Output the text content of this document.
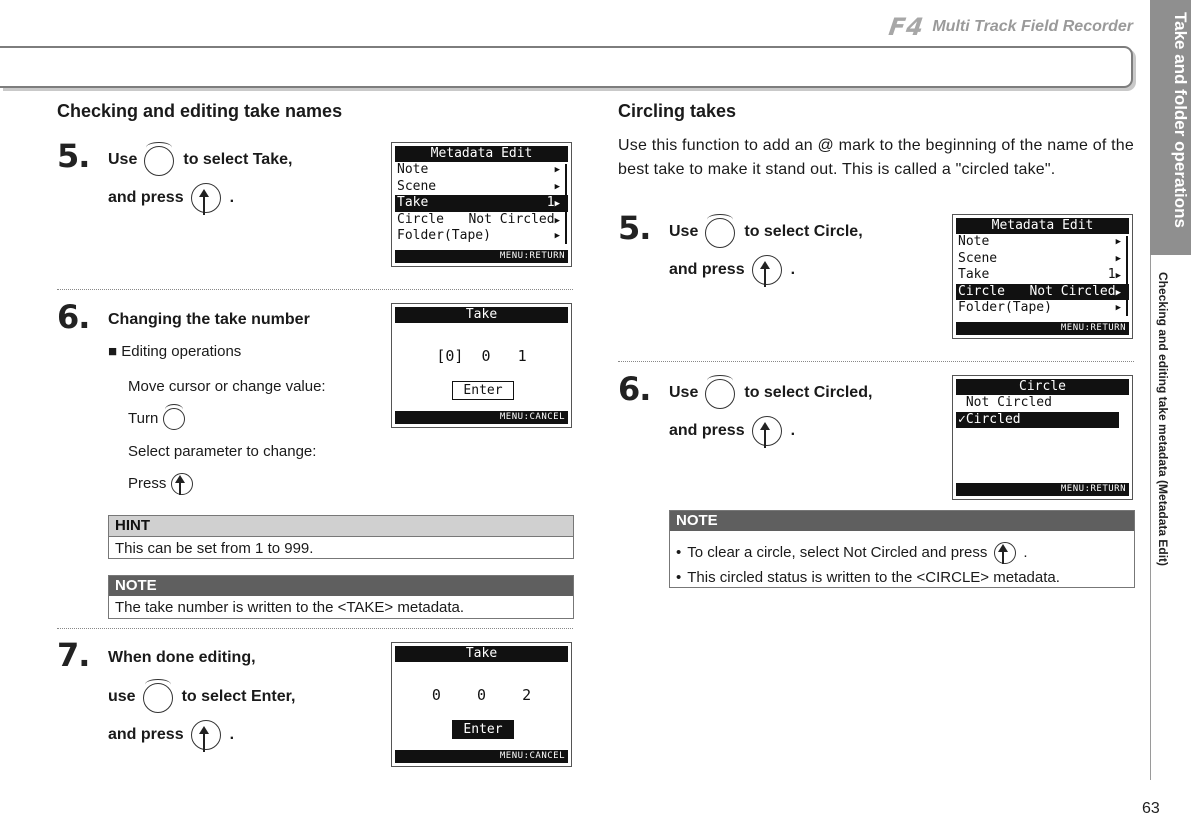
F4 Multi Track Field Recorder Take and folder operations
Checking and editing take metadata (Metadata Edit)
63
Checking and editing take names
5. Use	to select Take,
and press	.
Metadata Edit
Note	▶
Scene	▶
Take	1▶
Circle Not Circled▶
Folder(Tape)	▶
MENU:RETURN
6. Changing the take number
■ Editing operations
Move cursor or change value:
Turn
Select parameter to change:
Press
Take
[0]  0   1
Enter
MENU:CANCEL
HINT
This can be set from 1 to 999.
NOTE
The take number is written to the <TAKE> metadata.
7. When done editing,
use	to select Enter,
and press	.
Take
0    0    2
Enter
MENU:CANCEL
Circling takes
Use this function to add an @ mark to the beginning of the name of the best take to make it stand out. This is called a "circled take".
5. Use	to select Circle,
and press	.
Metadata Edit
Note	▶
Scene	▶
Take	1▶
Circle Not Circled▶
Folder(Tape)	▶
MENU:RETURN
6. Use	to select Circled,
and press	.
Circle
Not Circled
✓Circled
MENU:RETURN
NOTE
• To clear a circle, select Not Circled and press .
• This circled status is written to the <CIRCLE> metadata.
